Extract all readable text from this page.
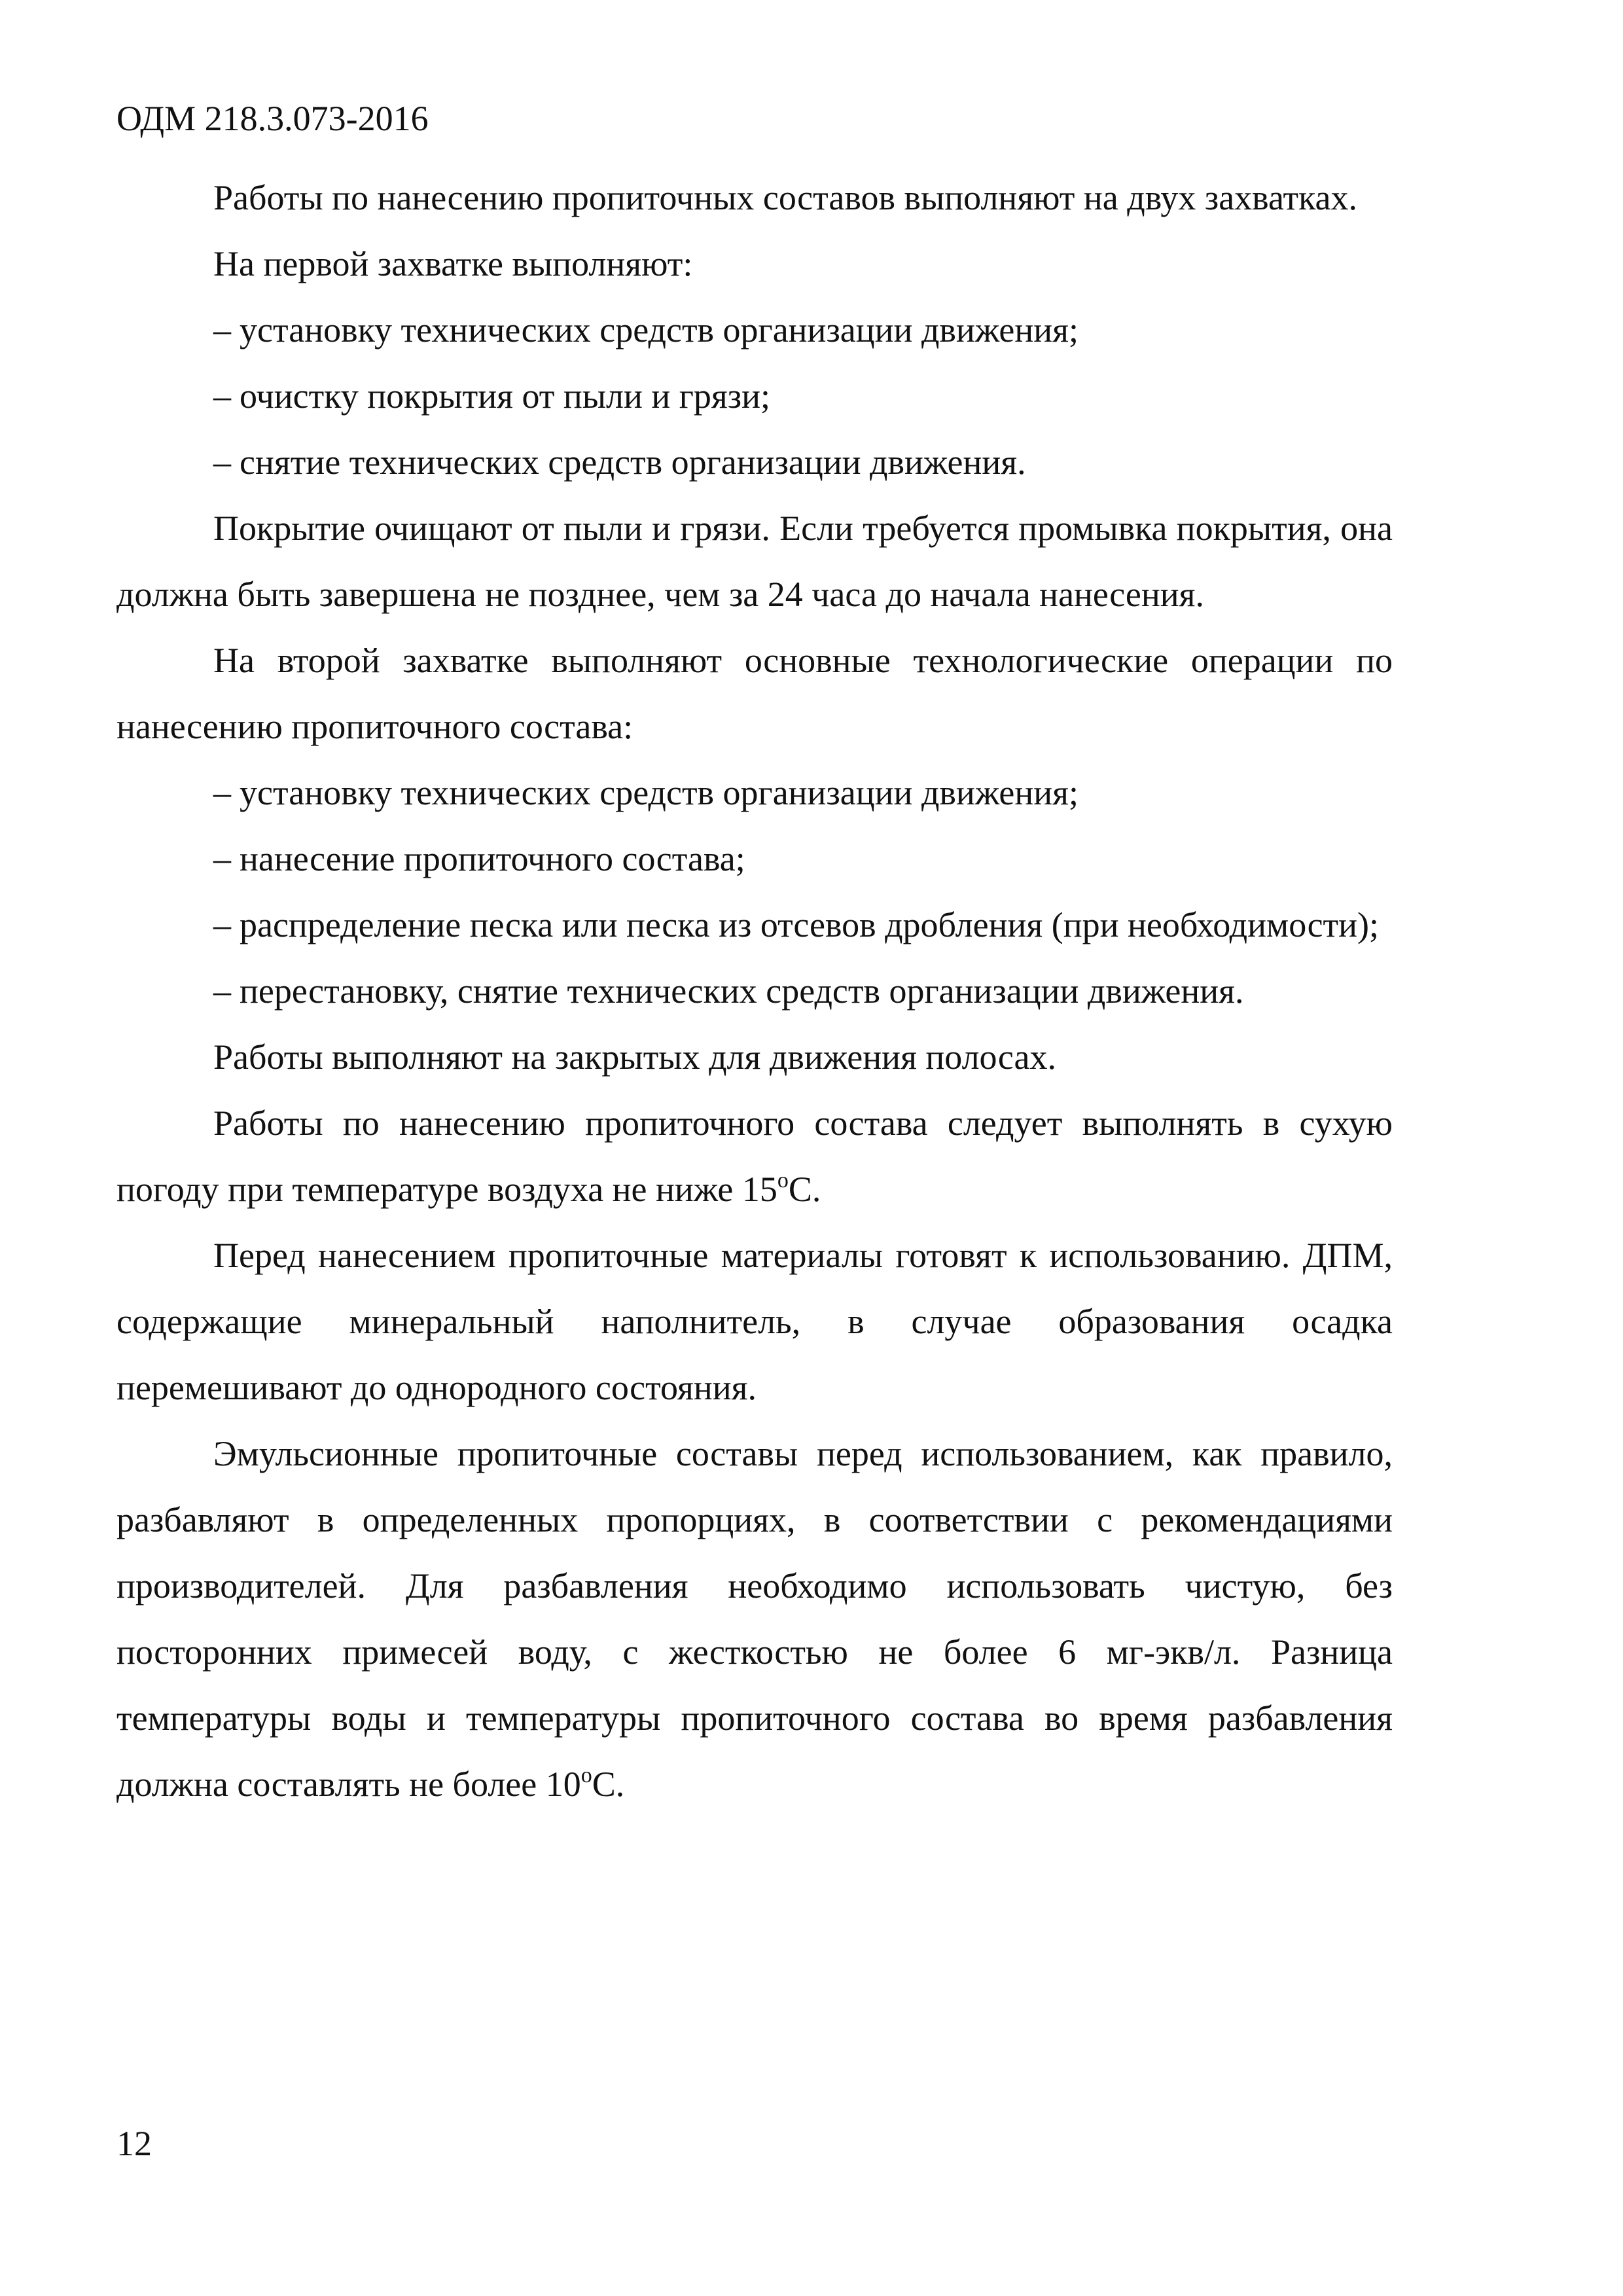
ОДМ 218.3.073-2016

Работы по нанесению пропиточных составов выполняют на двух захватках.

На первой захватке выполняют:

– установку технических средств организации движения;

– очистку покрытия от пыли и грязи;

– снятие технических средств организации движения.

Покрытие очищают от пыли и грязи. Если требуется промывка покрытия, она должна быть завершена не позднее, чем за 24 часа до начала нанесения.

На второй захватке выполняют основные технологические операции по нанесению пропиточного состава:

– установку технических средств организации движения;

– нанесение пропиточного состава;

– распределение песка или песка из отсевов дробления (при необходимости);

– перестановку, снятие технических средств организации движения.

Работы выполняют на закрытых для движения полосах.

Работы по нанесению пропиточного состава следует выполнять в сухую погоду при температуре воздуха не ниже $15^оС$.

Перед нанесением пропиточные материалы готовят к использованию. ДПМ, содержащие минеральный наполнитель, в случае образования осадка перемешивают до однородного состояния.

Эмульсионные пропиточные составы перед использованием, как правило, разбавляют в определенных пропорциях, в соответствии с рекомендациями производителей. Для разбавления необходимо использовать чистую, без посторонних примесей воду, с жесткостью не более 6 мг-экв/л. Разница температуры воды и температуры пропиточного состава во время разбавления должна составлять не более $10^оС$.

12
